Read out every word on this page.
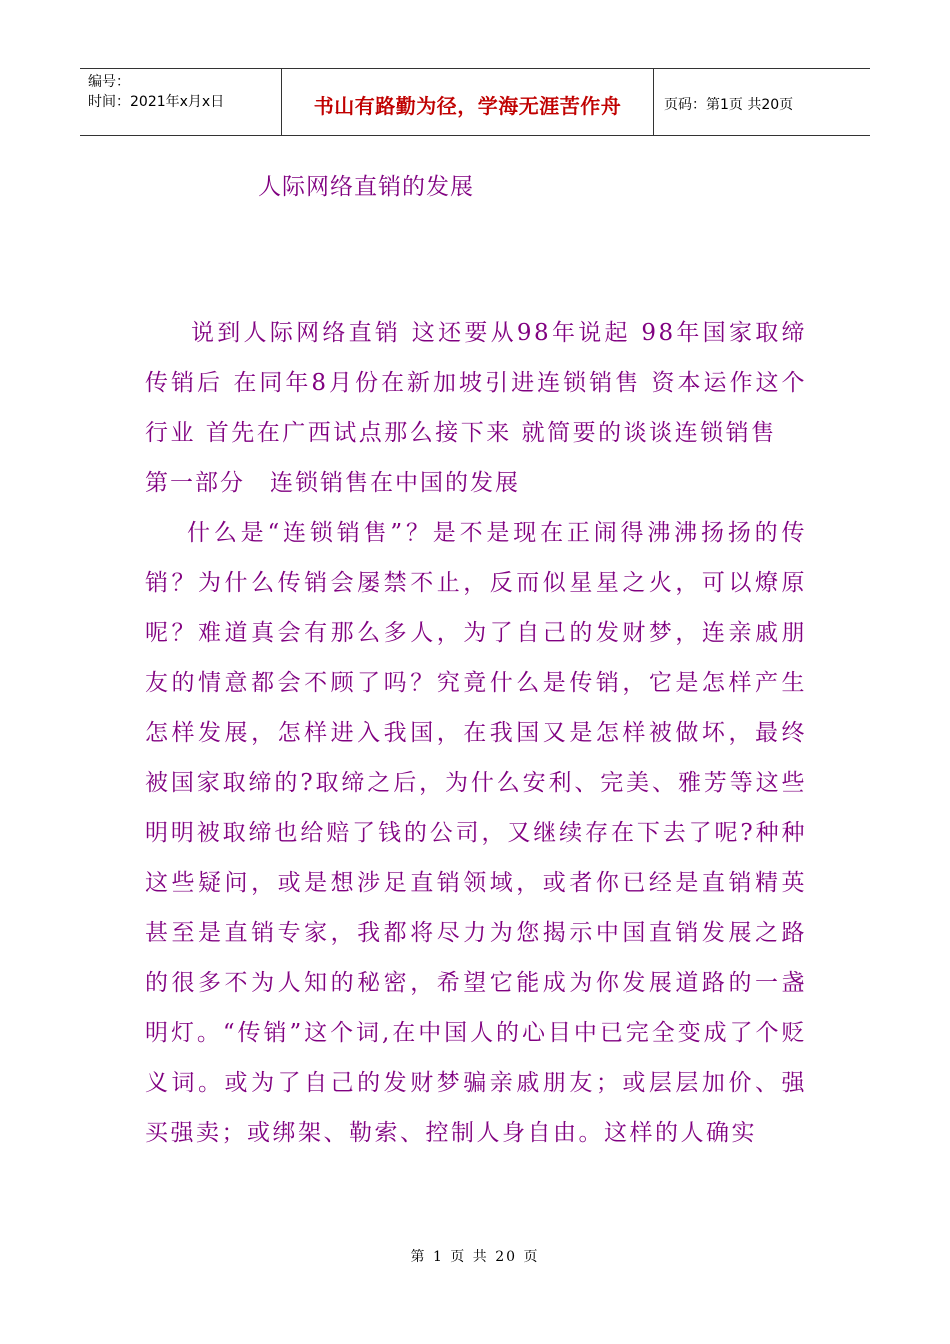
编号：
时间：2021年x月x日	书山有路勤为径，学海无涯苦作舟	页码：第1页 共20页
人际网络直销的发展

说到人际网络直销 这还要从98年说起 98年国家取缔传销后 在同年8月份在新加坡引进连锁销售 资本运作这个行业 首先在广西试点那么接下来 就简要的谈谈连锁销售

第一部分　连锁销售在中国的发展

什么是“连锁销售”？是不是现在正闹得沸沸扬扬的传销？为什么传销会屡禁不止，反而似星星之火，可以燎原呢？难道真会有那么多人，为了自己的发财梦，连亲戚朋友的情意都会不顾了吗？究竟什么是传销，它是怎样产生怎样发展，怎样进入我国，在我国又是怎样被做坏，最终被国家取缔的?取缔之后，为什么安利、完美、雅芳等这些明明被取缔也给赔了钱的公司，又继续存在下去了呢?种种这些疑问，或是想涉足直销领域，或者你已经是直销精英甚至是直销专家，我都将尽力为您揭示中国直销发展之路的很多不为人知的秘密，希望它能成为你发展道路的一盏明灯。“传销”这个词,在中国人的心目中已完全变成了个贬义词。或为了自己的发财梦骗亲戚朋友；或层层加价、强买强卖；或绑架、勒索、控制人身自由。这样的人确实

第 1 页 共 20 页
